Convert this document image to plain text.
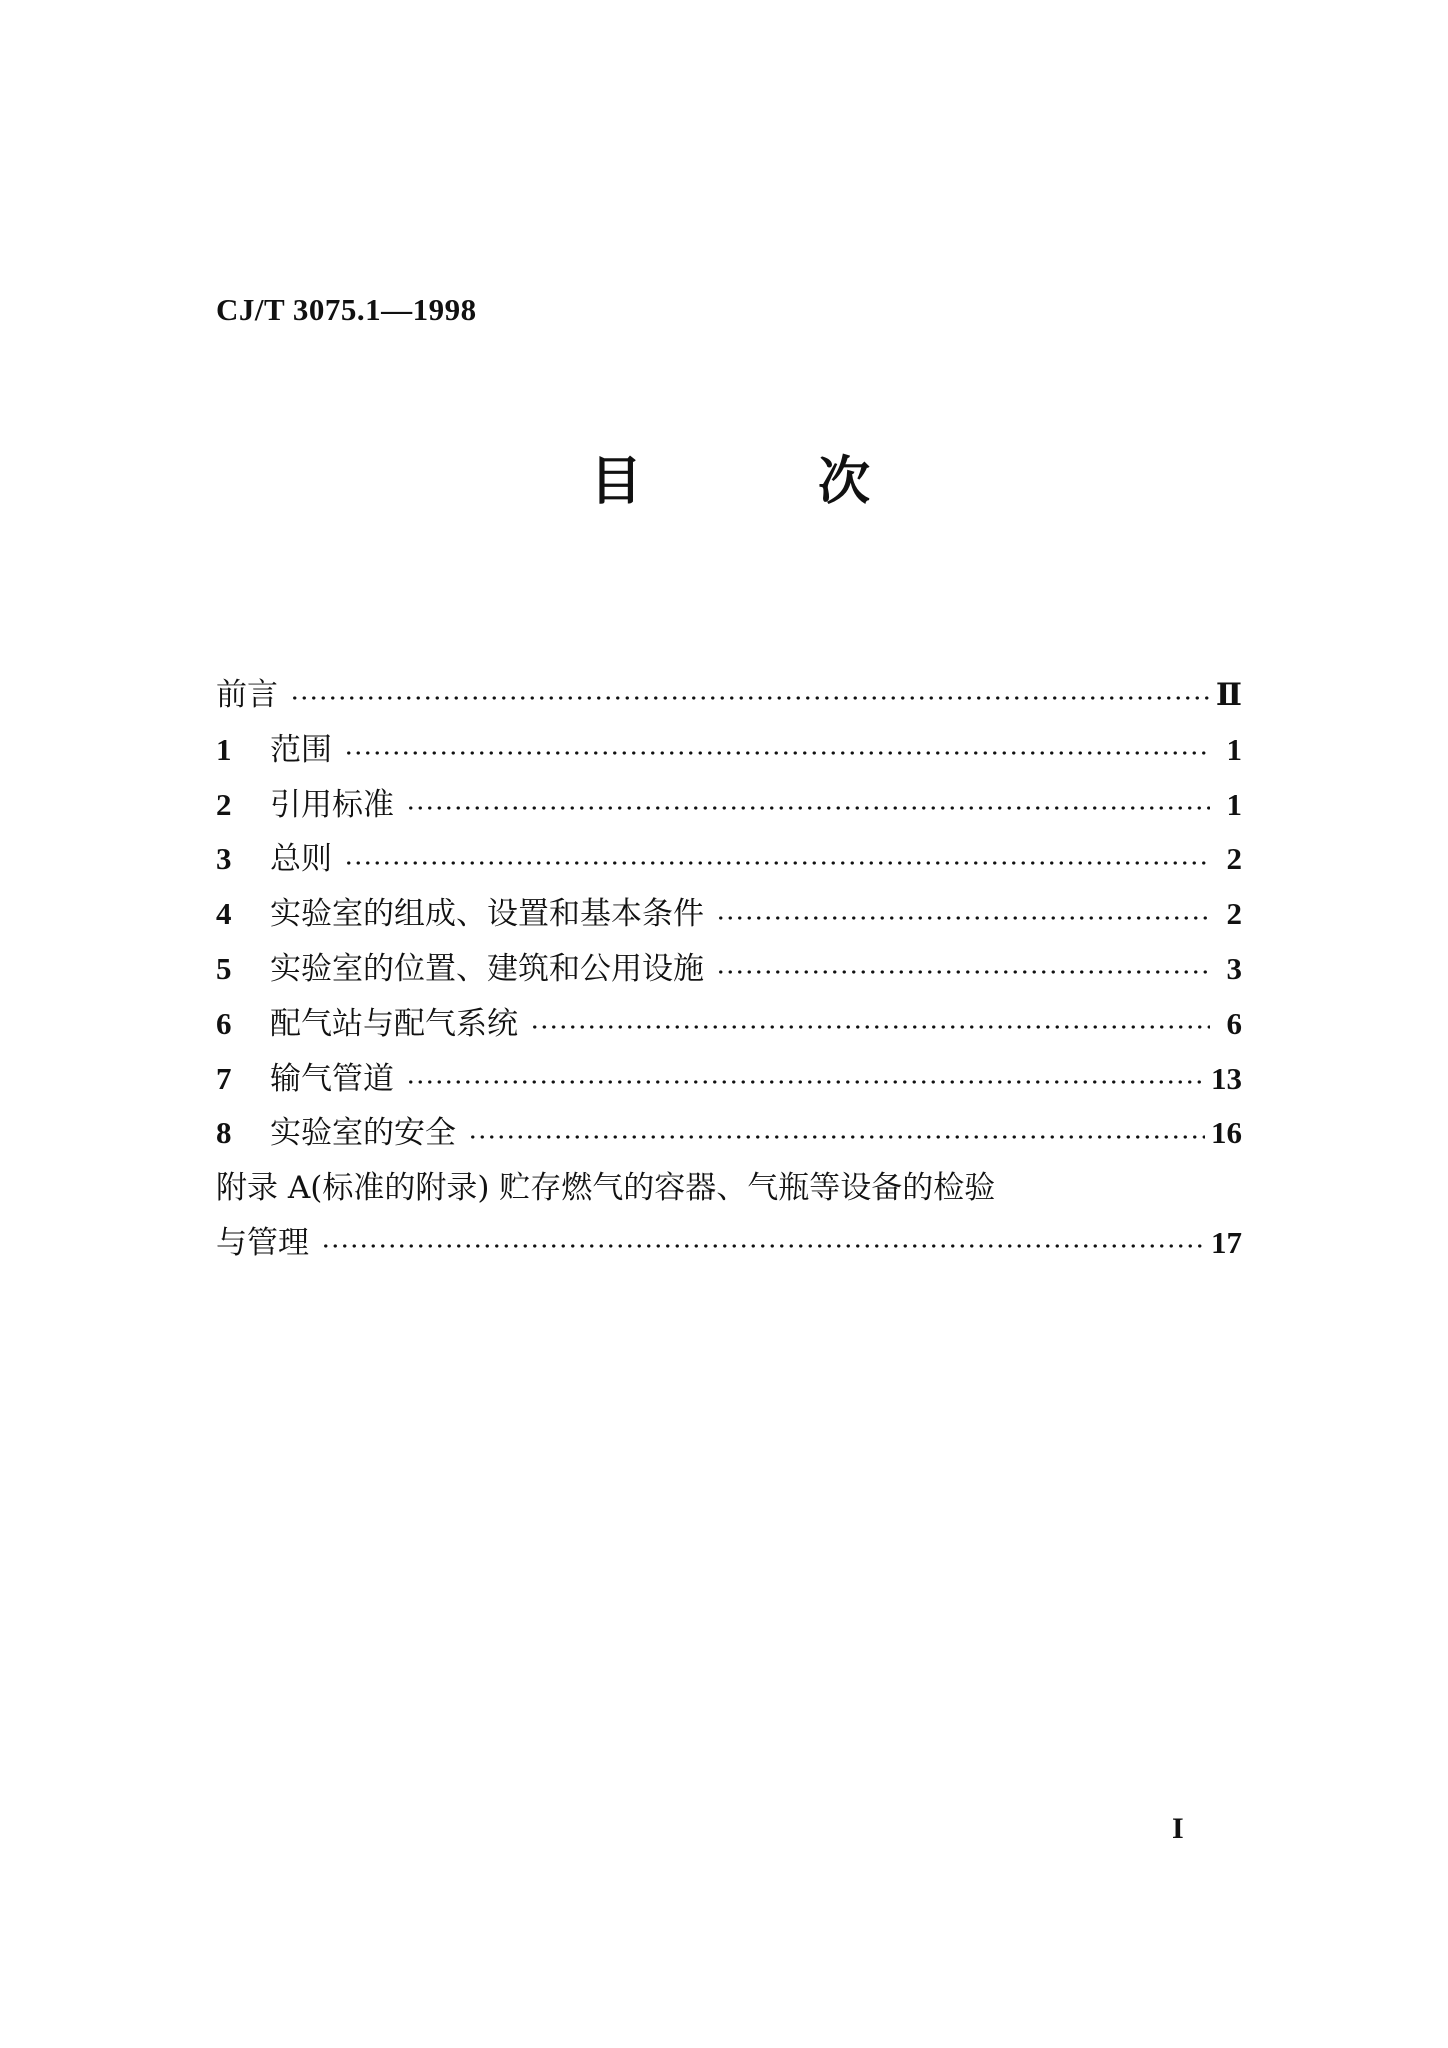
CJ/T 3075.1—1998
目	次
前言	Ⅱ
1	范围	1
2	引用标准	1
3	总则	2
4	实验室的组成、设置和基本条件	2
5	实验室的位置、建筑和公用设施	3
6	配气站与配气系统	6
7	输气管道	13
8	实验室的安全	16
附录 A(标准的附录) 贮存燃气的容器、气瓶等设备的检验
与管理	17
I
